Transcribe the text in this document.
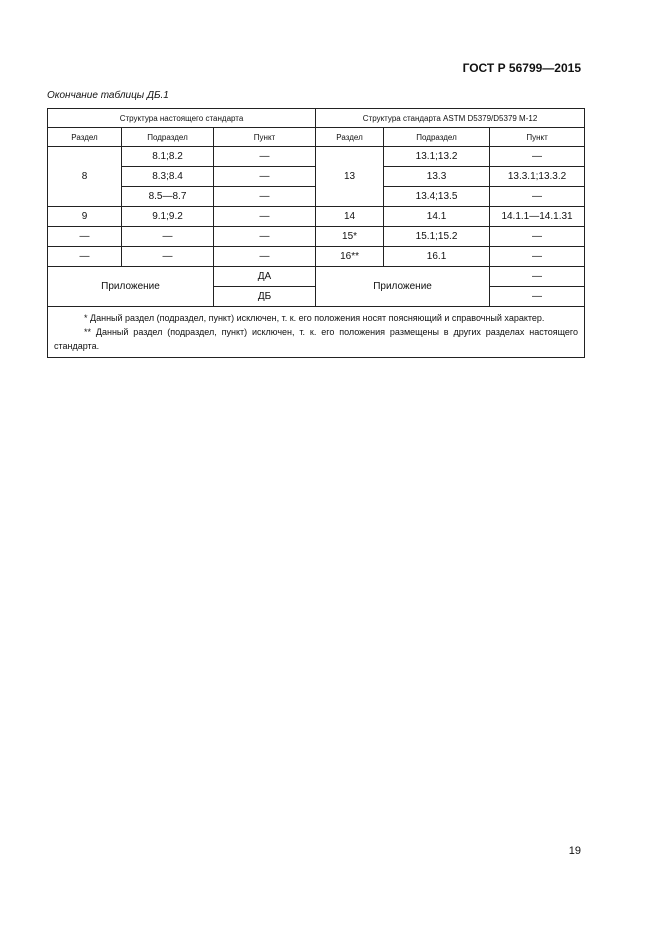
ГОСТ Р 56799—2015
Окончание таблицы ДБ.1
Структура настоящего стандарта			Структура стандарта ASTM D5379/D5379 M-12		
Раздел	Подраздел	Пункт	Раздел	Подраздел	Пункт
8	8.1;8.2	—	13	13.1;13.2	—
	8.3;8.4	—		13.3	13.3.1;13.3.2
	8.5—8.7	—		13.4;13.5	—
9	9.1;9.2	—	14	14.1	14.1.1—14.1.31
—	—	—	15*	15.1;15.2	—
—	—	—	16**	16.1	—
Приложение		ДА	Приложение		—
		ДБ			—

* Данный раздел (подраздел, пункт) исключен, т. к. его положения носят поясняющий и справочный характер.

** Данный раздел (подраздел, пункт) исключен, т. к. его положения размещены в других разделах настоящего стандарта.					

19
